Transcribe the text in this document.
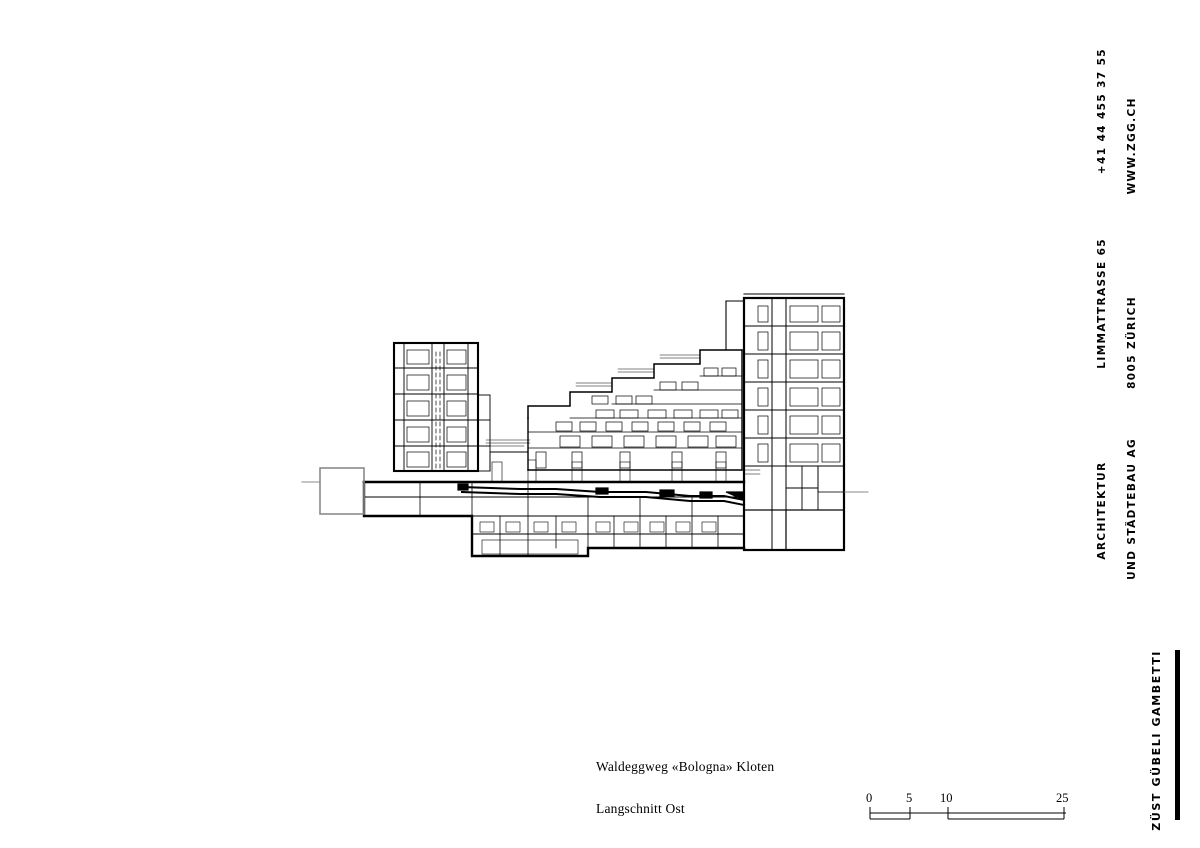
Waldeggweg «Bologna» Kloten
Langschnitt Ost
0	5 10	25

+41 44 455 37 55
WWW.ZGG.CH

LIMMATTRASSE 65
8005 ZÜRICH

ARCHITEKTUR
UND STÄDTEBAU AG

ZÜST GÜBELI GAMBETTI
